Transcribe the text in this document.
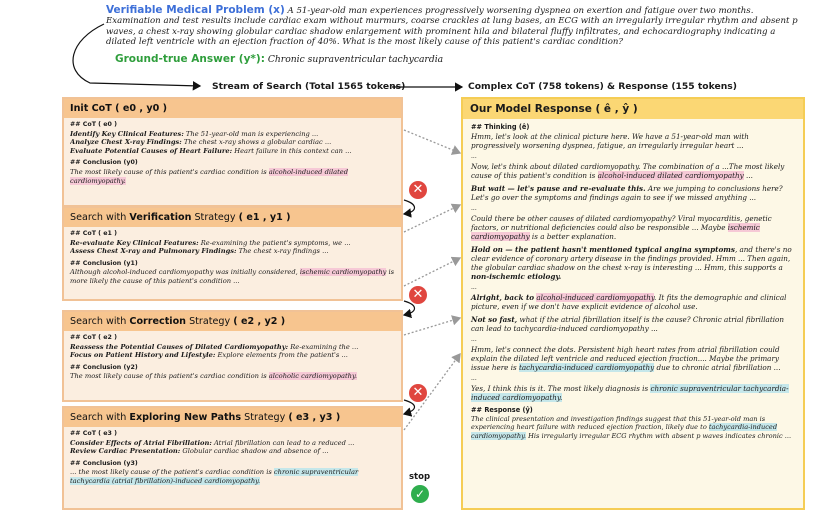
Verifiable Medical Problem (x) A 51-year-old man experiences progressively worsening dyspnea on exertion and fatigue over two months. Examination and test results include cardiac exam without murmurs, coarse crackles at lung bases, an ECG with an irregularly irregular rhythm and absent p waves, a chest x-ray showing globular cardiac shadow enlargement with prominent hila and bilateral fluffy infiltrates, and echocardiography indicating a dilated left ventricle with an ejection fraction of 40%. What is the most likely cause of this patient's cardiac condition?
Ground-true Answer (y*): Chronic supraventricular tachycardia
Stream of Search (Total 1565 tokens)	Complex CoT (758 tokens) & Response (155 tokens)
Init CoT ( e0 , y0 )
## CoT ( e0 )
Identify Key Clinical Features: The 51-year-old man is experiencing ...
Analyze Chest X-ray Findings: The chest x-ray shows a globular cardiac ...
Evaluate Potential Causes of Heart Failure: Heart failure in this context can ...
## Conclusion (y0)
The most likely cause of this patient's cardiac condition is alcohol-induced dilated cardiomyopathy.
✕
Search with Verification Strategy ( e1 , y1 )
## CoT ( e1 )
Re-evaluate Key Clinical Features: Re-examining the patient's symptoms, we ...
Assess Chest X-ray and Pulmonary Findings: The chest x-ray findings ...
## Conclusion (y1)
Although alcohol-induced cardiomyopathy was initially considered, ischemic cardiomyopathy is more likely the cause of this patient's condition ...
✕
Search with Correction Strategy ( e2 , y2 )
## CoT ( e2 )
Reassess the Potential Causes of Dilated Cardiomyopathy: Re-examining the ...
Focus on Patient History and Lifestyle: Explore elements from the patient's ...
## Conclusion (y2)
The most likely cause of this patient's cardiac condition is alcoholic cardiomyopathy.
✕
Search with Exploring New Paths Strategy ( e3 , y3 )
## CoT ( e3 )
Consider Effects of Atrial Fibrillation: Atrial fibrillation can lead to a reduced ...
Review Cardiac Presentation: Globular cardiac shadow and absence of ...
## Conclusion (y3)
... the most likely cause of the patient's cardiac condition is chronic supraventricular tachycardia (atrial fibrillation)-induced cardiomyopathy.	stop
✓
Our Model Response ( ê , ŷ )
## Thinking (ê)

Hmm, let's look at the clinical picture here. We have a 51-year-old man with progressively worsening dyspnea, fatigue, an irregularly irregular heart ...

...

Now, let's think about dilated cardiomyopathy. The combination of a ...The most likely cause of this patient's condition is alcohol-induced dilated cardiomyopathy ...

But wait — let's pause and re-evaluate this. Are we jumping to conclusions here? Let's go over the symptoms and findings again to see if we missed anything ...

...

Could there be other causes of dilated cardiomyopathy? Viral myocarditis, genetic factors, or nutritional deficiencies could also be responsible ... Maybe ischemic cardiomyopathy is a better explanation.

Hold on — the patient hasn't mentioned typical angina symptoms, and there's no clear evidence of coronary artery disease in the findings provided. Hmm ... Then again, the globular cardiac shadow on the chest x-ray is interesting ... Hmm, this supports a non-ischemic etiology.

...

Alright, back to alcohol-induced cardiomyopathy. It fits the demographic and clinical picture, even if we don't have explicit evidence of alcohol use.

Not so fast, what if the atrial fibrillation itself is the cause? Chronic atrial fibrillation can lead to tachycardia-induced cardiomyopathy ...

...

Hmm, let's connect the dots. Persistent high heart rates from atrial fibrillation could explain the dilated left ventricle and reduced ejection fraction.... Maybe the primary issue here is tachycardia-induced cardiomyopathy due to chronic atrial fibrillation ...

...

Yes, I think this is it. The most likely diagnosis is chronic supraventricular tachycardia-induced cardiomyopathy.

## Response (ŷ)

The clinical presentation and investigation findings suggest that this 51-year-old man is experiencing heart failure with reduced ejection fraction, likely due to tachycardia-induced cardiomyopathy. His irregularly irregular ECG rhythm with absent p waves indicates chronic ...
